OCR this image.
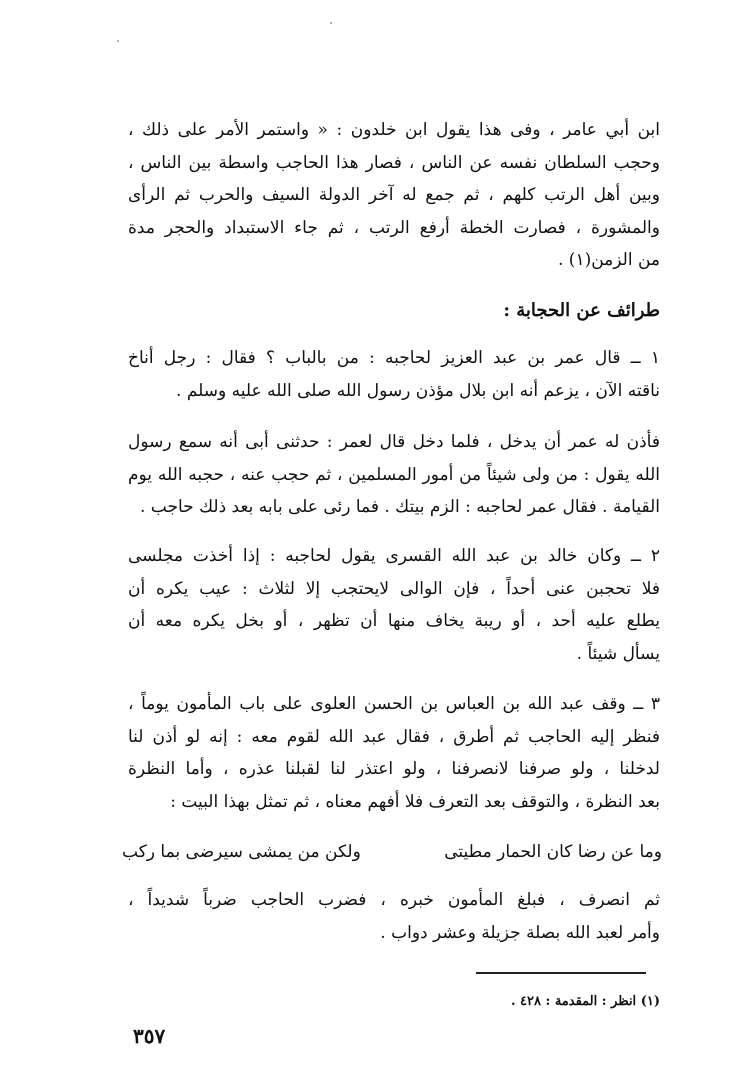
ابن أبي عامر ، وفى هذا يقول ابن خلدون : « واستمر الأمر على ذلك ،
وحجب السلطان نفسه عن الناس ، فصار هذا الحاجب واسطة بين الناس ،
وبين أهل الرتب كلهم ، ثم جمع له آخر الدولة السيف والحرب ثم الرأى
والمشورة ، فصارت الخطة أرفع الرتب ، ثم جاء الاستبداد والحجر مدة
من الزمن(١) .
طرائف عن الحجابة :
١ ــ قال عمر بن عبد العزيز لحاجبه : من بالباب ؟ فقال : رجل أناخ
ناقته الآن ، يزعم أنه ابن بلال مؤذن رسول الله صلى الله عليه وسلم .
فأذن له عمر أن يدخل ، فلما دخل قال لعمر : حدثنى أبى أنه سمع رسول
الله يقول : من ولى شيئاً من أمور المسلمين ، ثم حجب عنه ، حجبه الله يوم
القيامة . فقال عمر لحاجبه : الزم بيتك . فما رئى على بابه بعد ذلك حاجب .
٢ ــ وكان خالد بن عبد الله القسرى يقول لحاجبه : إذا أخذت مجلسى
فلا تحجبن عنى أحداً ، فإن الوالى لايحتجب إلا لثلاث : عيب يكره أن
يطلع عليه أحد ، أو ريبة يخاف منها أن تظهر ، أو بخل يكره معه أن
يسأل شيئاً .
٣ ــ وقف عبد الله بن العباس بن الحسن العلوى على باب المأمون يوماً ،
فنظر إليه الحاجب ثم أطرق ، فقال عبد الله لقوم معه : إنه لو أذن لنا
لدخلنا ، ولو صرفنا لانصرفنا ، ولو اعتذر لنا لقبلنا عذره ، وأما النظرة
بعد النظرة ، والتوقف بعد التعرف فلا أفهم معناه ، ثم تمثل بهذا البيت :
وما عن رضا كان الحمار مطيتى
ولكن من يمشى سيرضى بما ركب
ثم انصرف ، فبلغ المأمون خبره ، فضرب الحاجب ضرباً شديداً ،
وأمر لعبد الله بصلة جزيلة وعشر دواب .
(١) انظر : المقدمة : ٤٢٨ .
٣٥٧
